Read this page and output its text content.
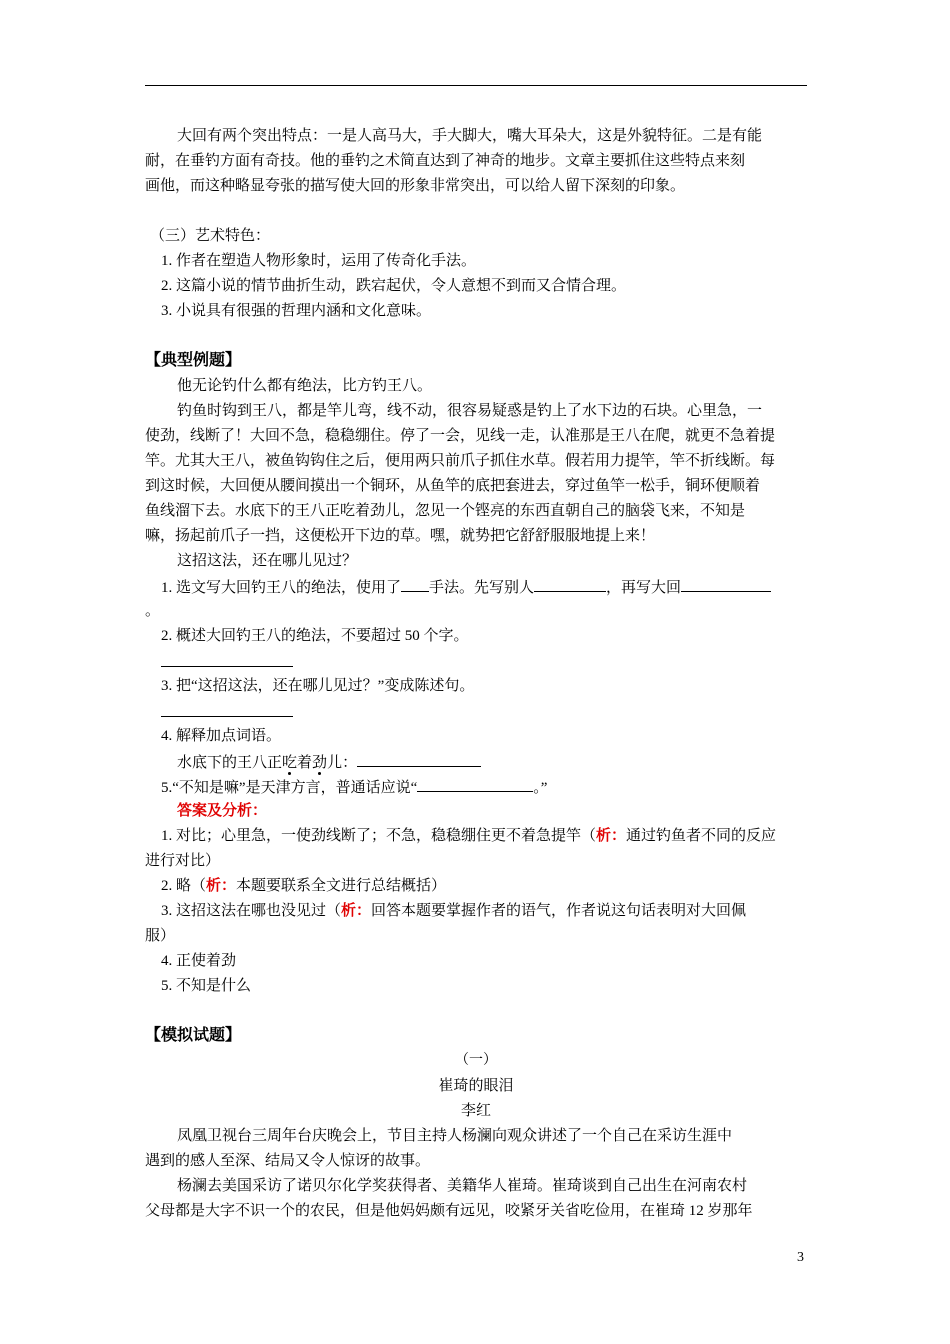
大回有两个突出特点：一是人高马大，手大脚大，嘴大耳朵大，这是外貌特征。二是有能
耐，在垂钓方面有奇技。他的垂钓之术简直达到了神奇的地步。文章主要抓住这些特点来刻
画他，而这种略显夸张的描写使大回的形象非常突出，可以给人留下深刻的印象。
（三）艺术特色：
1. 作者在塑造人物形象时，运用了传奇化手法。
2. 这篇小说的情节曲折生动，跌宕起伏，令人意想不到而又合情合理。
3. 小说具有很强的哲理内涵和文化意味。
【典型例题】
他无论钓什么都有绝法，比方钓王八。
钓鱼时钩到王八，都是竿儿弯，线不动，很容易疑惑是钓上了水下边的石块。心里急，一
使劲，线断了！大回不急，稳稳绷住。停了一会，见线一走，认准那是王八在爬，就更不急着提
竿。尤其大王八，被鱼钩钩住之后，便用两只前爪子抓住水草。假若用力提竿，竿不折线断。每
到这时候，大回便从腰间摸出一个铜环，从鱼竿的底把套进去，穿过鱼竿一松手，铜环便顺着
鱼线溜下去。水底下的王八正吃着劲儿，忽见一个铿亮的东西直朝自己的脑袋飞来，不知是
嘛，扬起前爪子一挡，这便松开下边的草。嘿，就势把它舒舒服服地提上来！
这招这法，还在哪儿见过？
1. 选文写大回钓王八的绝法，使用了 手法。先写别人	，再写大回
。
2. 概述大回钓王八的绝法，不要超过 50 个字。
3. 把“这招这法，还在哪儿见过？”变成陈述句。
4. 解释加点词语。
水底下的王八正吃着劲儿：
5.“不知是嘛”是天津方言，普通话应说“	。”
答案及分析：
1. 对比；心里急，一使劲线断了；不急，稳稳绷住更不着急提竿（析：通过钓鱼者不同的反应
进行对比）
2. 略（析：本题要联系全文进行总结概括）
3. 这招这法在哪也没见过（析：回答本题要掌握作者的语气，作者说这句话表明对大回佩
服）
4. 正使着劲
5. 不知是什么
【模拟试题】
（一）
崔琦的眼泪
李红
凤凰卫视台三周年台庆晚会上，节目主持人杨澜向观众讲述了一个自己在采访生涯中
遇到的感人至深、结局又令人惊讶的故事。
杨澜去美国采访了诺贝尔化学奖获得者、美籍华人崔琦。崔琦谈到自己出生在河南农村
父母都是大字不识一个的农民，但是他妈妈颇有远见，咬紧牙关省吃俭用，在崔琦 12 岁那年
3
